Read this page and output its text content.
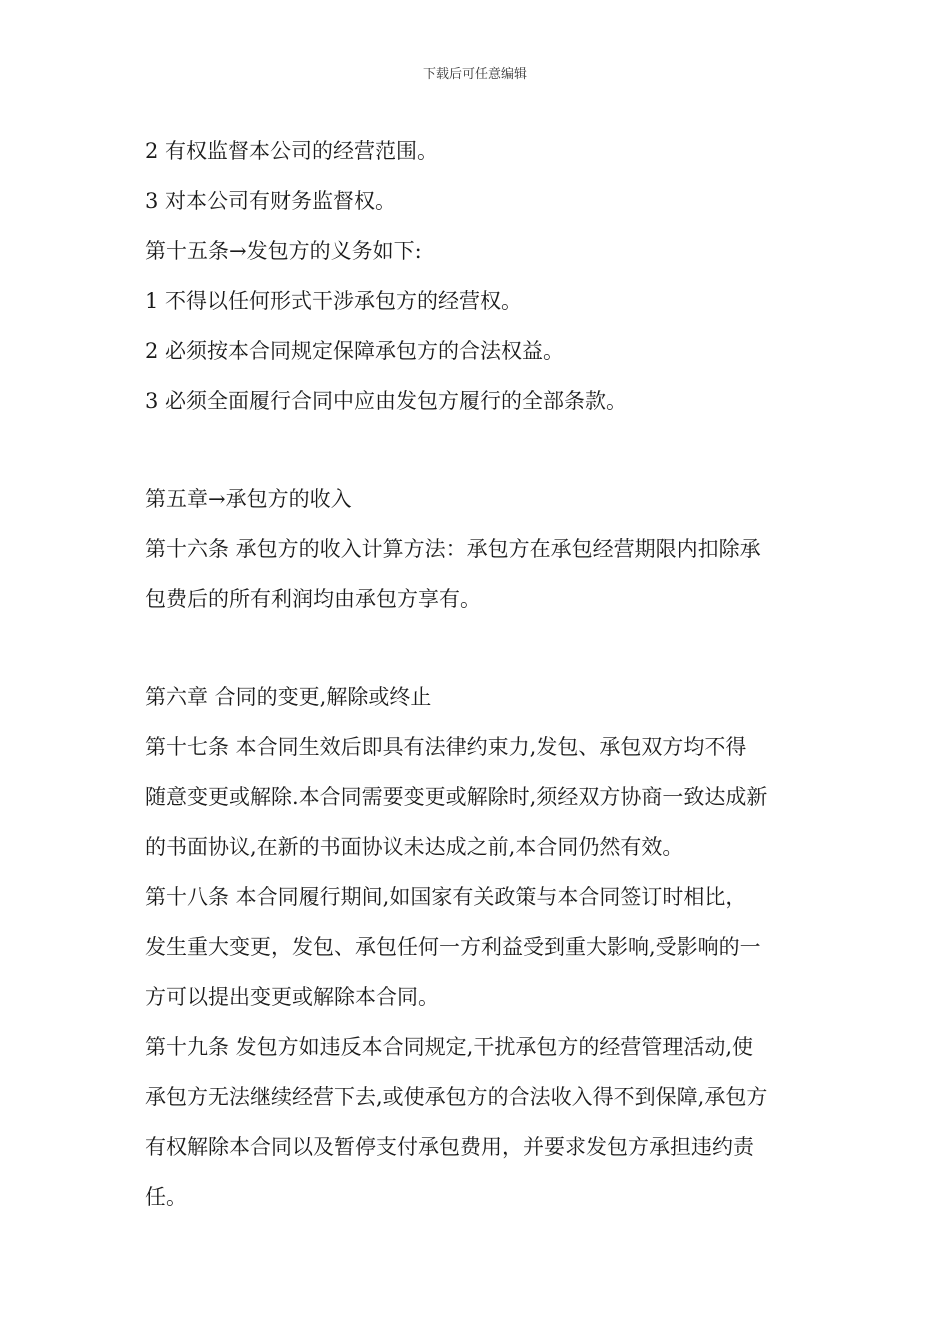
下载后可任意编辑
2 有权监督本公司的经营范围。
3 对本公司有财务监督权。
第十五条→发包方的义务如下:
1 不得以任何形式干涉承包方的经营权。
2 必须按本合同规定保障承包方的合法权益。
3 必须全面履行合同中应由发包方履行的全部条款。
第五章→承包方的收入
第十六条 承包方的收入计算方法：承包方在承包经营期限内扣除承
包费后的所有利润均由承包方享有。
第六章 合同的变更,解除或终止
第十七条 本合同生效后即具有法律约束力,发包、承包双方均不得
随意变更或解除.本合同需要变更或解除时,须经双方协商一致达成新
的书面协议,在新的书面协议未达成之前,本合同仍然有效。
第十八条 本合同履行期间,如国家有关政策与本合同签订时相比，
发生重大变更，发包、承包任何一方利益受到重大影响,受影响的一
方可以提出变更或解除本合同。
第十九条 发包方如违反本合同规定,干扰承包方的经营管理活动,使
承包方无法继续经营下去,或使承包方的合法收入得不到保障,承包方
有权解除本合同以及暂停支付承包费用，并要求发包方承担违约责
任。
